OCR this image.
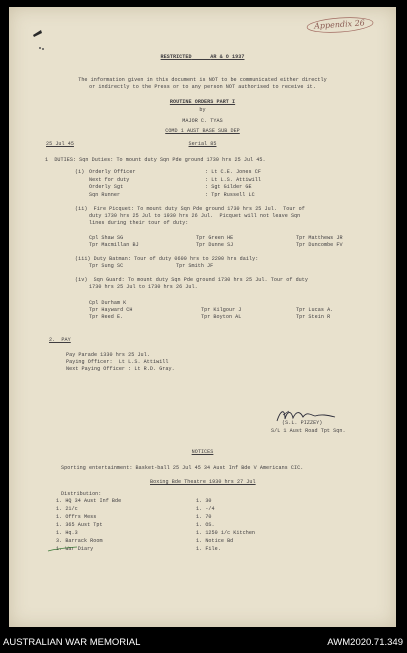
Appendix 26
RESTRICTED	AR & O 1937
The information given in this document is NOT to be communicated either directly
or indirectly to the Press or to any person NOT authorised to receive it.
ROUTINE ORDERS PART I
by
MAJOR C. TYAS
COMD 1 AUST BASE SUB DEP
25 Jul 45	Serial 85
1  DUTIES: Sqn Duties: To mount duty Sqn Pde ground 1730 hrs 25 Jul 45.
(i) Orderly Officer	: Lt C.E. Jones CF
Next for duty	: Lt L.S. Attiwill
Orderly Sgt	: Sgt Gilder GE
Sqn Runner	: Tpr Russell LC
(ii)  Fire Picquet: To mount duty Sqn Pde ground 1730 hrs 25 Jul.  Tour of
duty 1730 hrs 25 Jul to 1930 hrs 26 Jul.  Picquet will not leave Sqn
lines during their tour of duty:
Cpl Shaw SG	Tpr Green HE	Tpr Matthews JR
Tpr Macmillan BJ	Tpr Dunne SJ	Tpr Duncombe FV
(iii) Duty Batman: Tour of duty 0600 hrs to 2200 hrs daily:
Tpr Sung SC                 Tpr Smith JF
(iv)  Sqn Guard: To mount duty Sqn Pde ground 1730 hrs 25 Jul. Tour of duty
1730 hrs 25 Jul to 1730 hrs 26 Jul.
Cpl Durham K
Tpr Hayward CH	Tpr Kilgour J	Tpr Lucas A.
Tpr Reed E.	Tpr Boyton AL	Tpr Stein R
2.  PAY
Pay Parade 1330 hrs 25 Jul.
Paying Officer:  Lt L.S. Attiwill
Next Paying Officer : Lt R.D. Gray.
(S.L. PIZZEY)
S/L 1 Aust Road Tpt Sqn.
NOTICES
Sporting entertainment: Basket-ball 25 Jul 45 34 Aust Inf Bde V Americans CIC.
Boxing Bde Theatre 1930 hrs 27 Jul
Distribution:
1. HQ 34 Aust Inf Bde	1. 30
1. 21/c	1. -/4
1. Offrs Mess	1. 70
1. 365 Aust Tpt	1. OS.
1. Hq.3	1. 1250 i/c Kitchen
3. Barrack Room	1. Notice Bd
1. War Diary	1. File.
AUSTRALIAN WAR MEMORIAL	AWM2020.71.349
